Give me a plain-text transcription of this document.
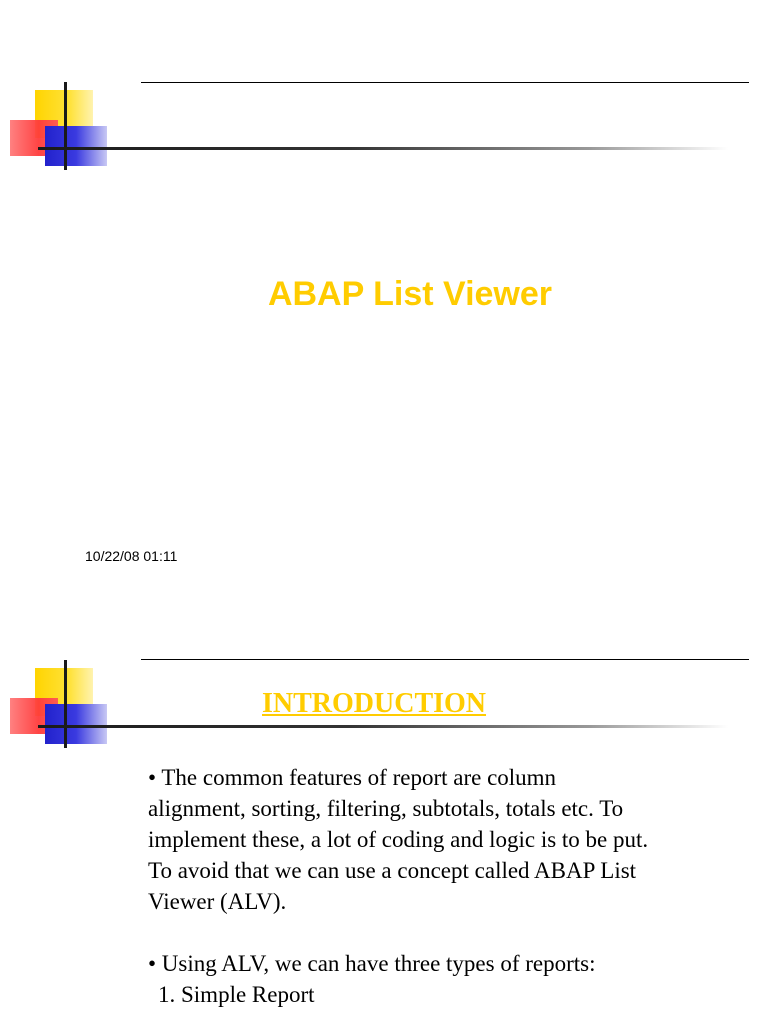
ABAP List Viewer
10/22/08 01:11
INTRODUCTION

• The common features of report are column alignment, sorting, filtering, subtotals, totals etc. To implement these, a lot of coding and logic is to be put. To avoid that we can use a concept called ABAP List Viewer (ALV).

• Using ALV, we can have three types of reports:

1. Simple Report
